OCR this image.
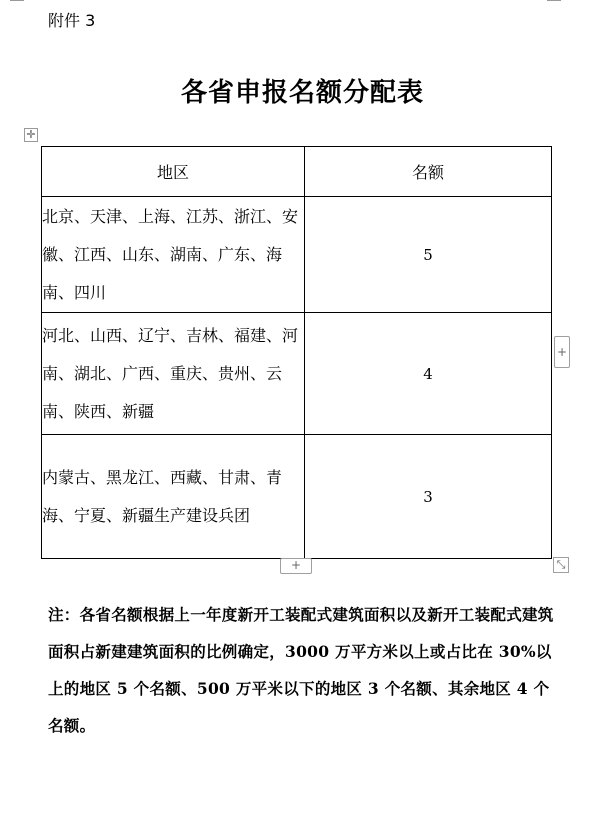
附件 3
各省申报名额分配表
✛
地区	名额
北京、天津、上海、江苏、浙江、安徽、江西、山东、湖南、广东、海南、四川	5
河北、山西、辽宁、吉林、福建、河南、湖北、广西、重庆、贵州、云南、陕西、新疆	4
内蒙古、黑龙江、西藏、甘肃、青海、宁夏、新疆生产建设兵团	3
+
+	⤡
注：各省名额根据上一年度新开工装配式建筑面积以及新开工装配式建筑面积占新建建筑面积的比例确定，3000 万平方米以上或占比在 30%以上的地区 5 个名额、500 万平米以下的地区 3 个名额、其余地区 4 个名额。
